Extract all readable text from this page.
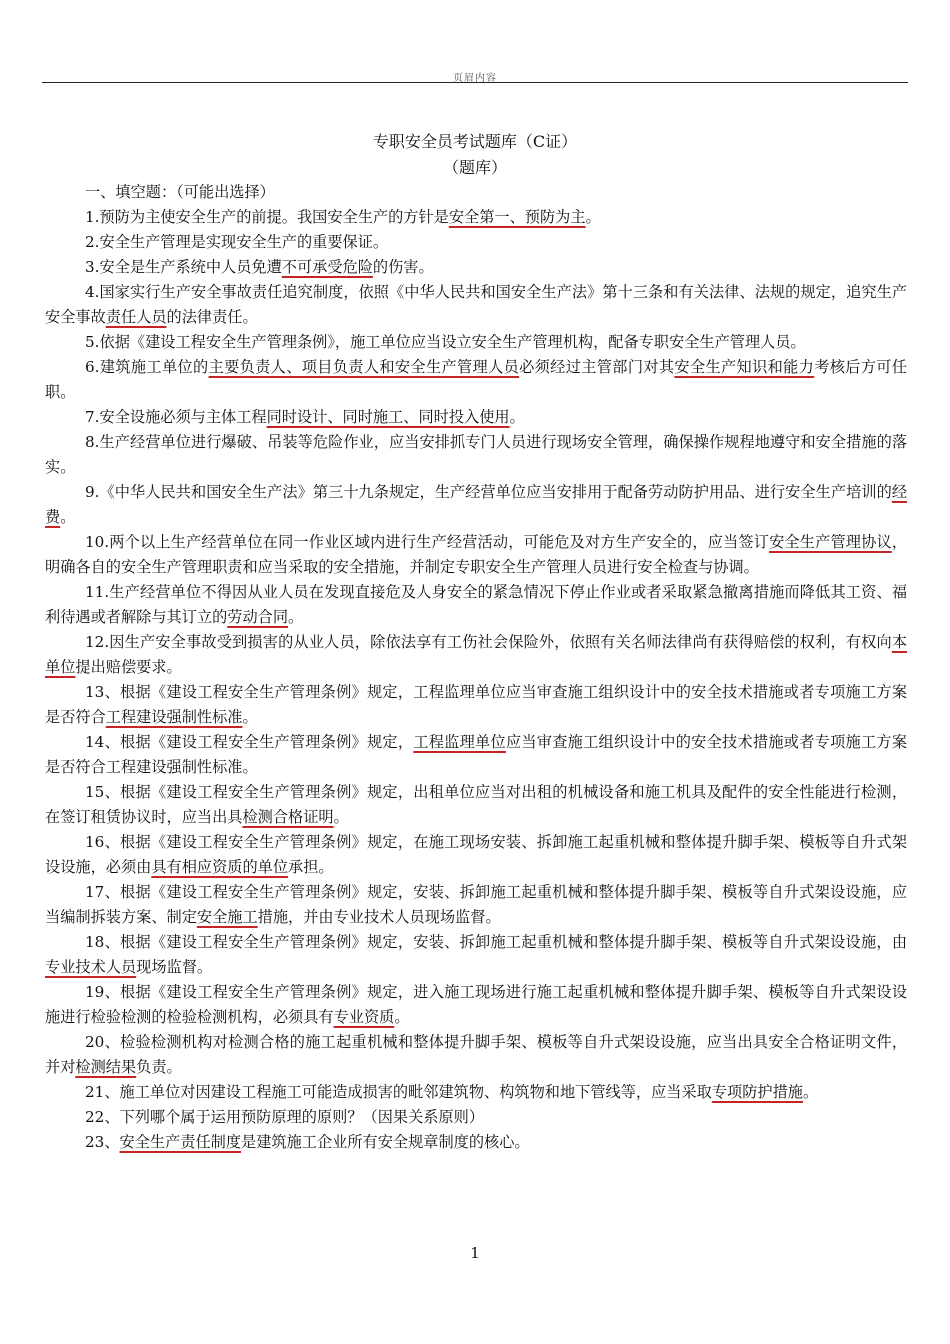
页眉内容
专职安全员考试题库（C证）
（题库）
一、填空题：（可能出选择）
1.预防为主使安全生产的前提。我国安全生产的方针是安全第一、预防为主。
2.安全生产管理是实现安全生产的重要保证。
3.安全是生产系统中人员免遭不可承受危险的伤害。
4.国家实行生产安全事故责任追究制度，依照《中华人民共和国安全生产法》第十三条和有关法律、法规的规定，追究生产安全事故责任人员的法律责任。
5.依据《建设工程安全生产管理条例》，施工单位应当设立安全生产管理机构，配备专职安全生产管理人员。
6.建筑施工单位的主要负责人、项目负责人和安全生产管理人员必须经过主管部门对其安全生产知识和能力考核后方可任职。
7.安全设施必须与主体工程同时设计、同时施工、同时投入使用。
8.生产经营单位进行爆破、吊装等危险作业，应当安排抓专门人员进行现场安全管理，确保操作规程地遵守和安全措施的落实。
9.《中华人民共和国安全生产法》第三十九条规定，生产经营单位应当安排用于配备劳动防护用品、进行安全生产培训的经费。
10.两个以上生产经营单位在同一作业区域内进行生产经营活动，可能危及对方生产安全的，应当签订安全生产管理协议，明确各自的安全生产管理职责和应当采取的安全措施，并制定专职安全生产管理人员进行安全检查与协调。
11.生产经营单位不得因从业人员在发现直接危及人身安全的紧急情况下停止作业或者采取紧急撤离措施而降低其工资、福利待遇或者解除与其订立的劳动合同。
12.因生产安全事故受到损害的从业人员，除依法享有工伤社会保险外，依照有关名师法律尚有获得赔偿的权利，有权向本单位提出赔偿要求。
13、根据《建设工程安全生产管理条例》规定，工程监理单位应当审查施工组织设计中的安全技术措施或者专项施工方案是否符合工程建设强制性标准。
14、根据《建设工程安全生产管理条例》规定，工程监理单位应当审查施工组织设计中的安全技术措施或者专项施工方案是否符合工程建设强制性标准。
15、根据《建设工程安全生产管理条例》规定，出租单位应当对出租的机械设备和施工机具及配件的安全性能进行检测，在签订租赁协议时，应当出具检测合格证明。
16、根据《建设工程安全生产管理条例》规定，在施工现场安装、拆卸施工起重机械和整体提升脚手架、模板等自升式架设设施，必须由具有相应资质的单位承担。
17、根据《建设工程安全生产管理条例》规定，安装、拆卸施工起重机械和整体提升脚手架、模板等自升式架设设施，应当编制拆装方案、制定安全施工措施，并由专业技术人员现场监督。
18、根据《建设工程安全生产管理条例》规定，安装、拆卸施工起重机械和整体提升脚手架、模板等自升式架设设施，由专业技术人员现场监督。
19、根据《建设工程安全生产管理条例》规定，进入施工现场进行施工起重机械和整体提升脚手架、模板等自升式架设设施进行检验检测的检验检测机构，必须具有专业资质。
20、检验检测机构对检测合格的施工起重机械和整体提升脚手架、模板等自升式架设设施，应当出具安全合格证明文件，并对检测结果负责。
21、施工单位对因建设工程施工可能造成损害的毗邻建筑物、构筑物和地下管线等，应当采取专项防护措施。
22、下列哪个属于运用预防原理的原则？（因果关系原则）
23、安全生产责任制度是建筑施工企业所有安全规章制度的核心。
1
